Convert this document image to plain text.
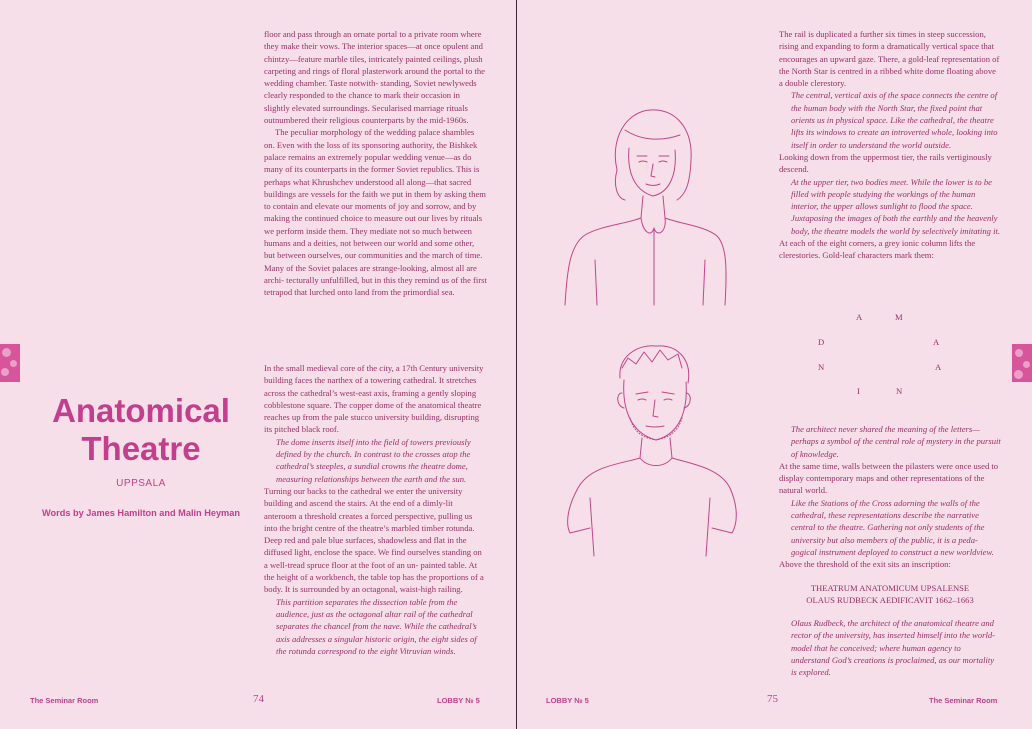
floor and pass through an ornate portal to a private room where they make their vows. The interior spaces—at once opulent and chintzy—feature marble tiles, intricately painted ceilings, plush carpeting and rings of floral plasterwork around the portal to the wedding chamber. Taste notwith- standing, Soviet newlyweds clearly responded to the chance to mark their occasion in slightly elevated surroundings. Secularised marriage rituals outnumbered their religious counterparts by the mid-1960s.

The peculiar morphology of the wedding palace shambles on. Even with the loss of its sponsoring authority, the Bishkek palace remains an extremely popular wedding venue—as do many of its counterparts in the former Soviet republics. This is perhaps what Khrushchev understood all along—that sacred buildings are vessels for the faith we put in them by asking them to contain and elevate our moments of joy and sorrow, and by making the continued choice to measure out our lives by rituals we perform inside them. They mediate not so much between humans and a deities, not between our world and some other, but between ourselves, our communities and the march of time. Many of the Soviet palaces are strange-looking, almost all are archi- tecturally unfulfilled, but in this they remind us of the first tetrapod that lurched onto land from the primordial sea.

Anatomical
Theatre
UPPSALA
Words by James Hamilton and Malin Heyman

In the small medieval core of the city, a 17th Century university building faces the narthex of a towering cathedral. It stretches across the cathedral’s west-east axis, framing a gently sloping cobblestone square. The copper dome of the anatomical theatre reaches up from the pale stucco university building, disrupting its pitched black roof.

The dome inserts itself into the field of towers previously defined by the church. In contrast to the crosses atop the cathedral’s steeples, a sundial crowns the theatre dome, measuring relationships between the earth and the sun.

Turning our backs to the cathedral we enter the university building and ascend the stairs. At the end of a dimly-lit anteroom a threshold creates a forced perspective, pulling us into the bright centre of the theatre’s marbled timber rotunda. Deep red and pale blue surfaces, shadowless and flat in the diffused light, enclose the space. We find ourselves standing on a well-tread spruce floor at the foot of an un- painted table. At the height of a workbench, the table top has the proportions of a body. It is surrounded by an octagonal, waist-high railing.

This partition separates the dissection table from the audience, just as the octagonal altar rail of the cathedral separates the chancel from the nave. While the cathedral’s axis addresses a singular historic origin, the eight sides of the rotunda correspond to the eight Vitruvian winds.

The Seminar Room	74	LOBBY № 5

The rail is duplicated a further six times in steep succession, rising and expanding to form a dramatically vertical space that encourages an upward gaze. There, a gold-leaf representation of the North Star is centred in a ribbed white dome floating above a double clerestory.

The central, vertical axis of the space connects the centre of the human body with the North Star, the fixed point that orients us in physical space. Like the cathedral, the theatre lifts its windows to create an introverted whole, looking into itself in order to understand the world outside.

Looking down from the uppermost tier, the rails vertiginously descend.

At the upper tier, two bodies meet. While the lower is to be filled with people studying the workings of the human interior, the upper allows sunlight to flood the space. Juxtaposing the images of both the earthly and the heavenly body, the theatre models the world by selectively imitating it.

At each of the eight corners, a grey ionic column lifts the clerestories. Gold-leaf characters mark them:

A	M
D	A
N	A
I	N

The architect never shared the meaning of the letters—perhaps a symbol of the central role of mystery in the pursuit of knowledge.

At the same time, walls between the pilasters were once used to display contemporary maps and other representations of the natural world.

Like the Stations of the Cross adorning the walls of the cathedral, these representations describe the narrative central to the theatre. Gathering not only students of the university but also members of the public, it is a peda- gogical instrument deployed to construct a new worldview.

Above the threshold of the exit sits an inscription:

THEATRUM ANATOMICUM UPSALENSE

OLAUS RUDBECK AEDIFICAVIT 1662–1663

Olaus Rudbeck, the architect of the anatomical theatre and rector of the university, has inserted himself into the world-model that he conceived; where human agency to understand God’s creations is proclaimed, as our mortality is explored.

LOBBY № 5	75	The Seminar Room
